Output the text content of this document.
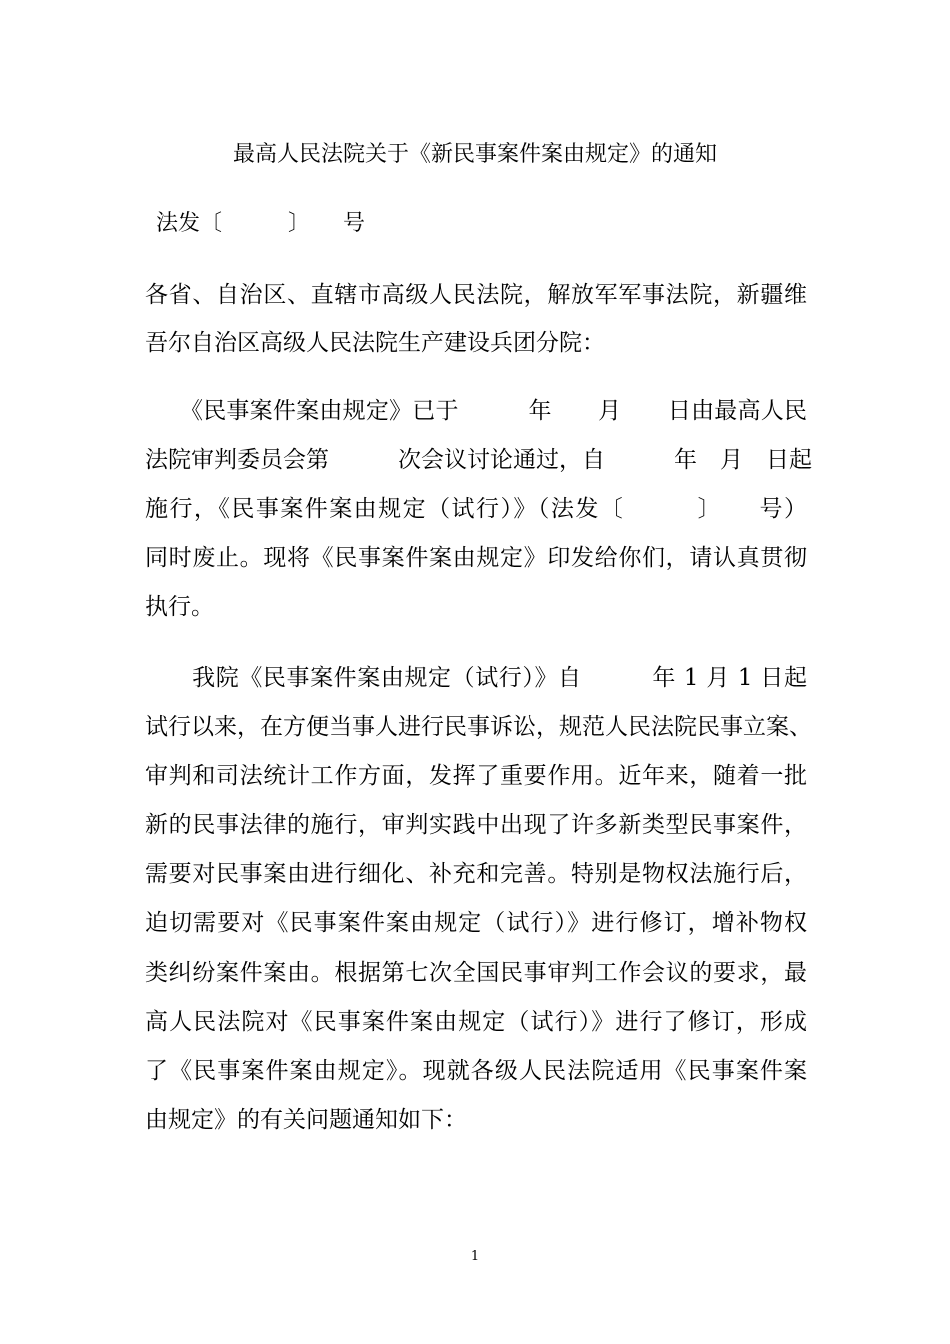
最高人民法院关于《新民事案件案由规定》的通知
法发〔　　　〕　　号
各省、自治区、直辖市高级人民法院，解放军军事法院，新疆维
吾尔自治区高级人民法院生产建设兵团分院：
　　《民事案件案由规定》已于　　　年　　月　　日由最高人民
法院审判委员会第　　　次会议讨论通过，自　　　年　月　日起
施行，《民事案件案由规定（试行）》（法发〔　　　〕　　号）
同时废止。现将《民事案件案由规定》印发给你们，请认真贯彻
执行。
　　我院《民事案件案由规定（试行）》自　　　年 1 月 1 日起
试行以来，在方便当事人进行民事诉讼，规范人民法院民事立案、
审判和司法统计工作方面，发挥了重要作用。近年来，随着一批
新的民事法律的施行，审判实践中出现了许多新类型民事案件，
需要对民事案由进行细化、补充和完善。特别是物权法施行后，
迫切需要对《民事案件案由规定（试行）》进行修订，增补物权
类纠纷案件案由。根据第七次全国民事审判工作会议的要求，最
高人民法院对《民事案件案由规定（试行）》进行了修订，形成
了《民事案件案由规定》。现就各级人民法院适用《民事案件案
由规定》的有关问题通知如下：
1
